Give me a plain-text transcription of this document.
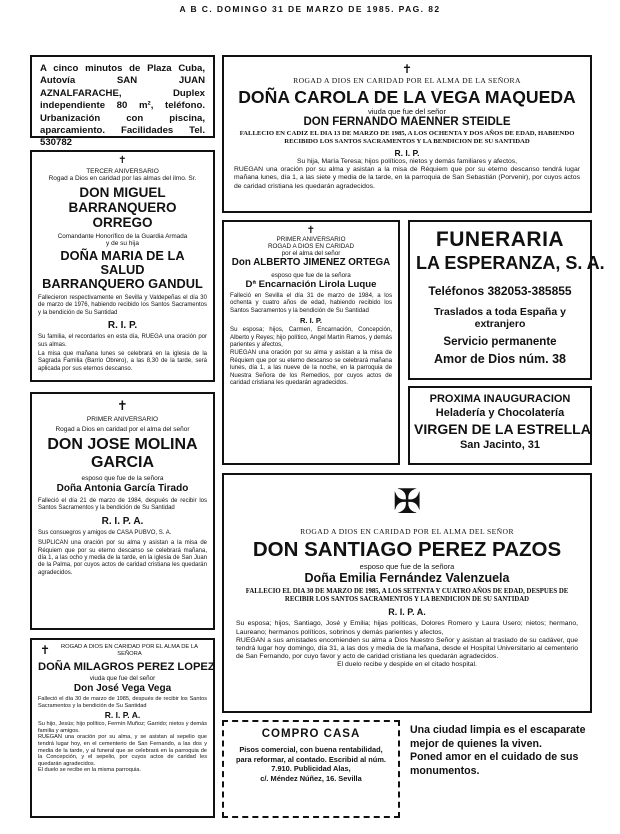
A B C. DOMINGO 31 DE MARZO DE 1985. PAG. 82
A cinco minutos de Plaza Cuba, Autovía SAN JUAN AZNALFARACHE, Duplex independiente 80 m², teléfono. Urbanización con piscina, aparcamiento. Facilidades Tel. 530782
✝
TERCER ANIVERSARIO
Rogad a Dios en caridad por las almas del ilmo. Sr.
DON MIGUEL BARRANQUERO
ORREGO
Comandante Honorífico de la Guardia Armada
y de su hija
DOÑA MARIA DE LA SALUD
BARRANQUERO GANDUL
Fallecieron respectivamente en Sevilla y Valdepeñas el día 30 de marzo de 1976, habiendo recibido los Santos Sacramentos y la bendición de Su Santidad
R. I. P.
Su familia, el recordarlos en esta día, RUEGA una oración por sus almas.
La misa que mañana lunes se celebrará en la iglesia de la Sagrada Familia (Barrio Obrero), a las 8,30 de la tarde, será aplicada por sus eternos descanso.
✝
PRIMER ANIVERSARIO
Rogad a Dios en caridad por el alma del señor
DON JOSE MOLINA
GARCIA
esposo que fue de la señora
Doña Antonia García Tirado
Falleció el día 21 de marzo de 1984, después de recibir los Santos Sacramentos y la bendición de Su Santidad
R. I. P. A.
Sus consuegros y amigos de CASA PUBVO, S. A.
SUPLICAN una oración por su alma y asistan a la misa de Réquiem que por su eterno descanso se celebrará mañana, día 1, a las ocho y media de la tarde, en la iglesia de San Juan de la Palma, por cuyos actos de caridad cristiana les quedarán agradecidos.
✝	ROGAD A DIOS EN CARIDAD POR EL ALMA DE LA SEÑORA
DOÑA MILAGROS PEREZ LOPEZ
viuda que fue del señor
Don José Vega Vega
Falleció el día 30 de marzo de 1985, después de recibir los Santos Sacramentos y la bendición de Su Santidad
R. I. P. A.
Su hijo, Jesús; hijo político, Fermín Muñoz; Garrido; nietos y demás familia y amigos.
RUEGAN una oración por su alma, y se asistan al sepelio que tendrá lugar hoy, en el cementerio de San Fernando, a las dos y media de la tarde, y al funeral que se celebrará en la parroquia de la Concepción, y el sepelio, por cuyos actos de caridad les quedarán agradecidos.
El duelo se recibe en la misma parroquia.
✝
ROGAD A DIOS EN CARIDAD POR EL ALMA DE LA SEÑORA
DOÑA CAROLA DE LA VEGA MAQUEDA
viuda que fue del señor
DON FERNANDO MAENNER STEIDLE
FALLECIO EN CADIZ EL DIA 13 DE MARZO DE 1985, A LOS OCHENTA Y DOS AÑOS DE EDAD, HABIENDO RECIBIDO LOS SANTOS SACRAMENTOS Y LA BENDICION DE SU SANTIDAD
R. I. P.
Su hija, María Teresa; hijos políticos, nietos y demás familiares y afectos,
RUEGAN una oración por su alma y asistan a la misa de Réquiem que por su eterno descanso tendrá lugar mañana lunes, día 1, a las siete y media de la tarde, en la parroquia de San Sebastián (Porvenir), por cuyos actos de caridad cristiana les quedarán agradecidos.
✝
PRIMER ANIVERSARIO
ROGAD A DIOS EN CARIDAD
por el alma del señor
Don ALBERTO JIMENEZ ORTEGA
esposo que fue de la señora
Dª Encarnación Lirola Luque
Falleció en Sevilla el día 31 de marzo de 1984, a los ochenta y cuatro años de edad, habiendo recibido los Santos Sacramentos y la bendición de Su Santidad
R. I. P.
Su esposa; hijos, Carmen, Encarnación, Concepción, Alberto y Reyes; hijo político, Angel Martín Ramos, y demás parientes y afectos,
RUEGAN una oración por su alma y asistan a la misa de Réquiem que por su eterno descanso se celebrará mañana lunes, día 1, a las nueve de la noche, en la parroquia de Nuestra Señora de los Remedios, por cuyos actos de caridad cristiana les quedarán agradecidos.
FUNERARIA
LA ESPERANZA, S. A.
Teléfonos 382053-385855
Traslados a toda España y
extranjero
Servicio permanente
Amor de Dios núm. 38
PROXIMA INAUGURACION
Heladería y Chocolatería
VIRGEN DE LA ESTRELLA
San Jacinto, 31
✠
ROGAD A DIOS EN CARIDAD POR EL ALMA DEL SEÑOR
DON SANTIAGO PEREZ PAZOS
esposo que fue de la señora
Doña Emilia Fernández Valenzuela
FALLECIO EL DIA 30 DE MARZO DE 1985, A LOS SETENTA Y CUATRO AÑOS DE EDAD, DESPUES DE RECIBIR LOS SANTOS SACRAMENTOS Y LA BENDICION DE SU SANTIDAD
R. I. P. A.
Su esposa; hijos, Santiago, José y Emilia; hijas políticas, Dolores Romero y Laura Usero; nietos; hermano, Laureano; hermanos políticos, sobrinos y demás parientes y afectos,
RUEGAN a sus amistades encomienden su alma a Dios Nuestro Señor y asistan al traslado de su cadáver, que tendrá lugar hoy domingo, día 31, a las dos y media de la mañana, desde el Hospital Universitario al cementerio de San Fernando, por cuyo favor y acto de caridad cristiana les quedarán agradecidos.
El duelo recibe y despide en el citado hospital.
COMPRO CASA
Pisos comercial, con buena rentabilidad, para reformar, al contado. Escribid al núm. 7.910. Publicidad Alas,
c/. Méndez Núñez, 16. Sevilla
Una ciudad limpia es el escaparate mejor de quienes la viven.
Poned amor en el cuidado de sus monumentos.
